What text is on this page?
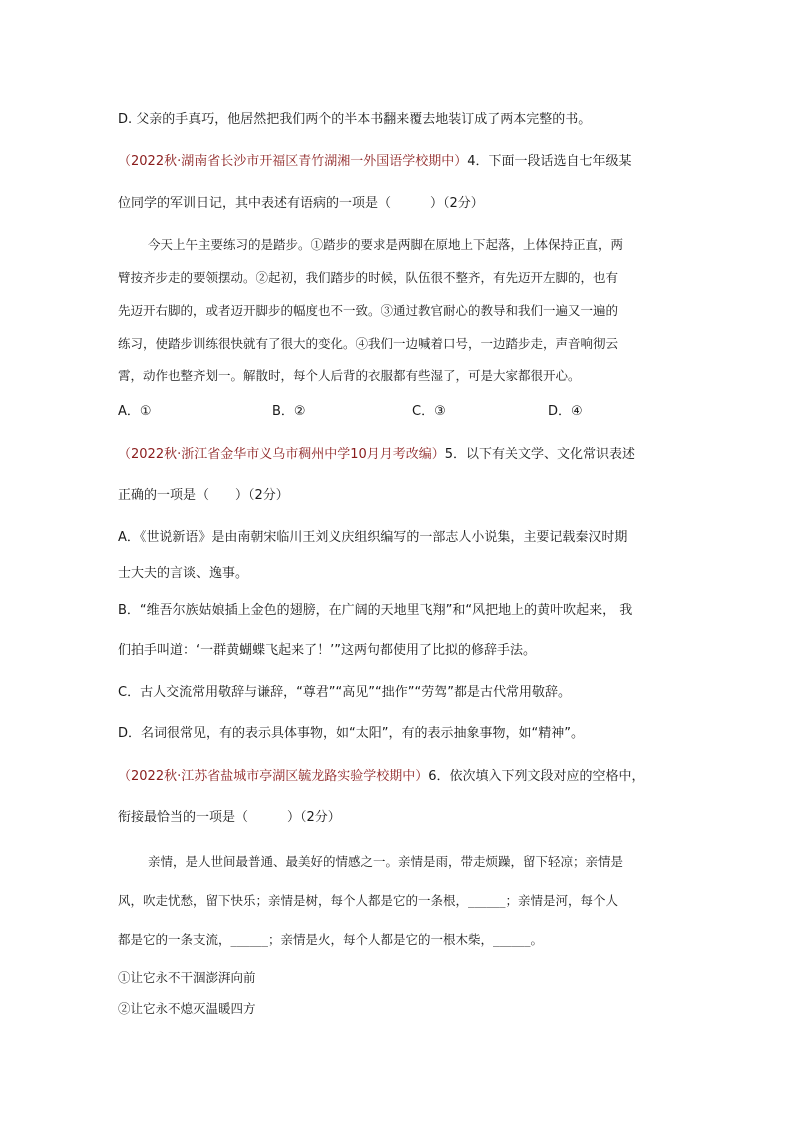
D. 父亲的手真巧，他居然把我们两个的半本书翻来覆去地装订成了两本完整的书。
（2022秋·湖南省长沙市开福区青竹湖湘一外国语学校期中）4．下面一段话选自七年级某
位同学的军训日记，其中表述有语病的一项是（　　　）（2分）
今天上午主要练习的是踏步。①踏步的要求是两脚在原地上下起落，上体保持正直，两
臂按齐步走的要领摆动。②起初，我们踏步的时候，队伍很不整齐，有先迈开左脚的，也有
先迈开右脚的，或者迈开脚步的幅度也不一致。③通过教官耐心的教导和我们一遍又一遍的
练习，使踏步训练很快就有了很大的变化。④我们一边喊着口号，一边踏步走，声音响彻云
霄，动作也整齐划一。解散时，每个人后背的衣服都有些湿了，可是大家都很开心。
A．①	B．②	C．③	D．④
（2022秋·浙江省金华市义乌市稠州中学10月月考改编）5．以下有关文学、文化常识表述
正确的一项是（　　）（2分）
A．《世说新语》是由南朝宋临川王刘义庆组织编写的一部志人小说集，主要记载秦汉时期
士大夫的言谈、逸事。
B．“维吾尔族姑娘插上金色的翅膀，在广阔的天地里飞翔”和“风把地上的黄叶吹起来， 我
们拍手叫道：‘一群黄蝴蝶飞起来了！’”这两句都使用了比拟的修辞手法。
C．古人交流常用敬辞与谦辞，“尊君”“高见”“拙作”“劳驾”都是古代常用敬辞。
D．名词很常见，有的表示具体事物，如“太阳”，有的表示抽象事物，如“精神”。
（2022秋·江苏省盐城市亭湖区毓龙路实验学校期中）6．依次填入下列文段对应的空格中，
衔接最恰当的一项是（　　　）（2分）
亲情，是人世间最普通、最美好的情感之一。亲情是雨，带走烦躁，留下轻凉；亲情是
风，吹走忧愁，留下快乐；亲情是树，每个人都是它的一条根，______；亲情是河，每个人
都是它的一条支流，______；亲情是火，每个人都是它的一根木柴，______。
①让它永不干涸澎湃向前
②让它永不熄灭温暖四方
